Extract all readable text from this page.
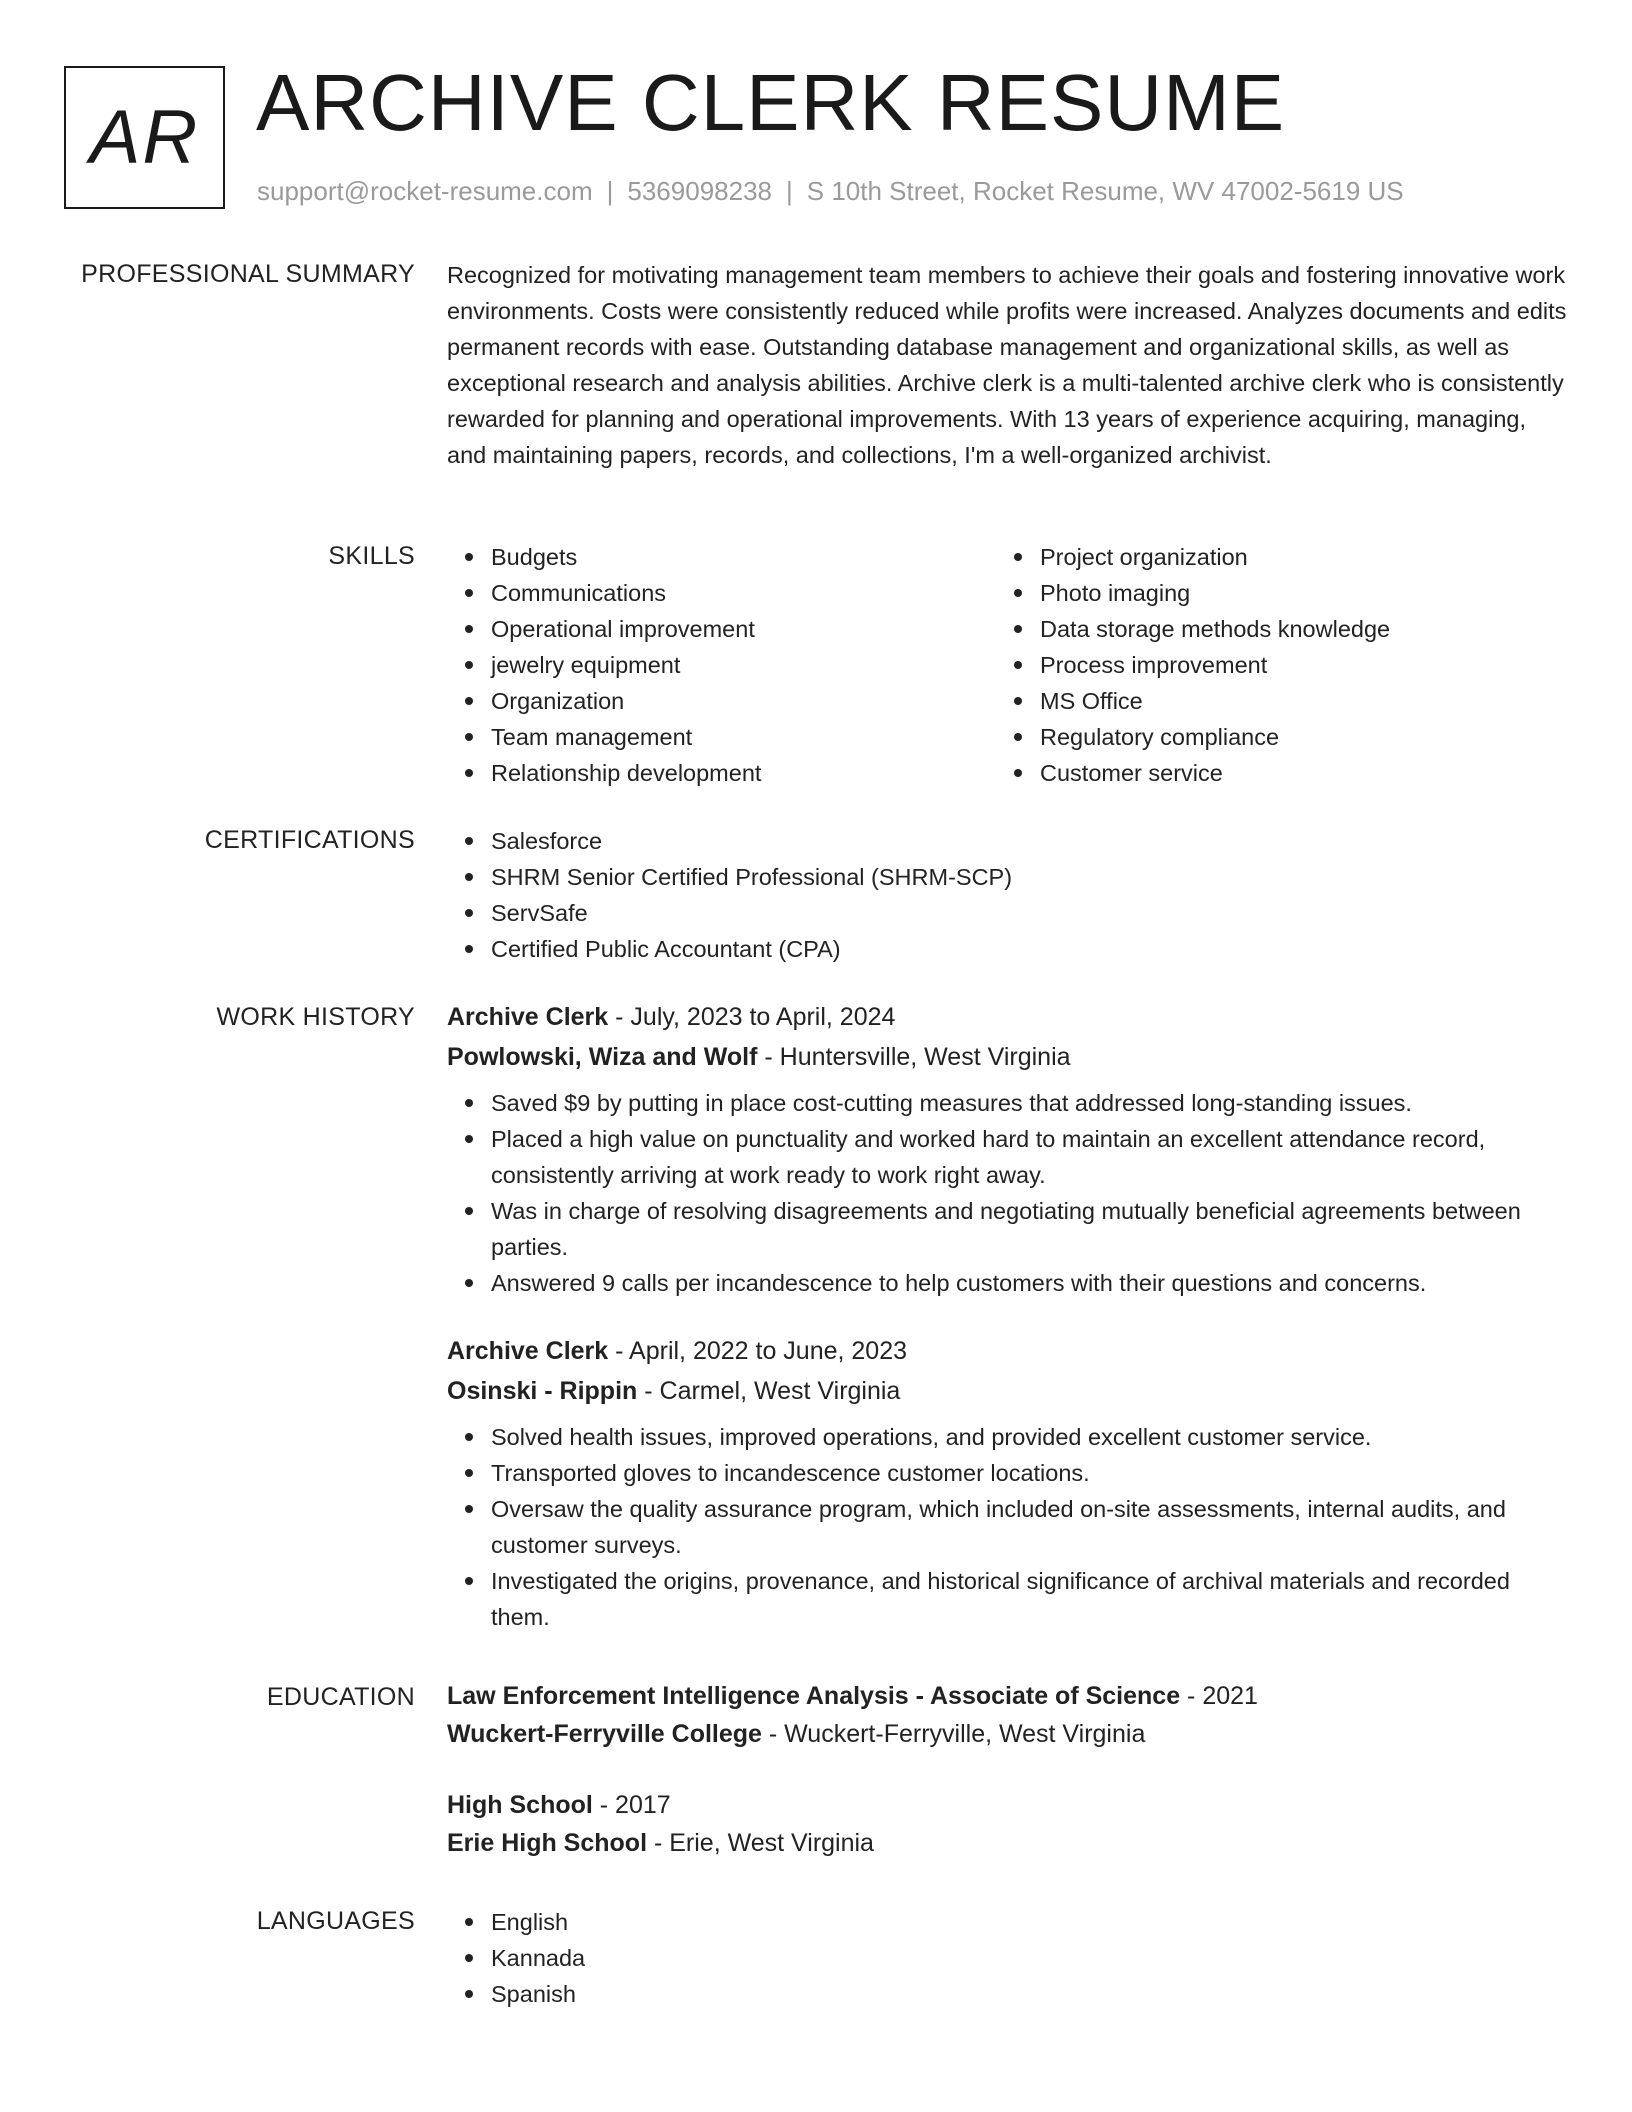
AR ARCHIVE CLERK RESUME
support@rocket-resume.com | 5369098238 | S 10th Street, Rocket Resume, WV 47002-5619 US
PROFESSIONAL SUMMARY Recognized for motivating management team members to achieve their goals and fostering innovative work environments. Costs were consistently reduced while profits were increased. Analyzes documents and edits permanent records with ease. Outstanding database management and organizational skills, as well as exceptional research and analysis abilities. Archive clerk is a multi-talented archive clerk who is consistently rewarded for planning and operational improvements. With 13 years of experience acquiring, managing, and maintaining papers, records, and collections, I'm a well-organized archivist.

SKILLS	Budgets
Communications
Operational improvement
jewelry equipment
Organization
Team management
Relationship development
Project organization
Photo imaging
Data storage methods knowledge
Process improvement
MS Office
Regulatory compliance
Customer service
CERTIFICATIONS	Salesforce
SHRM Senior Certified Professional (SHRM-SCP)
ServSafe
Certified Public Accountant (CPA)
WORK HISTORY Archive Clerk - July, 2023 to April, 2024
Powlowski, Wiza and Wolf - Huntersville, West Virginia
Saved $9 by putting in place cost-cutting measures that addressed long-standing issues.
Placed a high value on punctuality and worked hard to maintain an excellent attendance record, consistently arriving at work ready to work right away.
Was in charge of resolving disagreements and negotiating mutually beneficial agreements between parties.
Answered 9 calls per incandescence to help customers with their questions and concerns.
Archive Clerk - April, 2022 to June, 2023
Osinski - Rippin - Carmel, West Virginia
Solved health issues, improved operations, and provided excellent customer service.
Transported gloves to incandescence customer locations.
Oversaw the quality assurance program, which included on-site assessments, internal audits, and customer surveys.
Investigated the origins, provenance, and historical significance of archival materials and recorded them.
EDUCATION Law Enforcement Intelligence Analysis - Associate of Science - 2021
Wuckert-Ferryville College - Wuckert-Ferryville, West Virginia
High School - 2017
Erie High School - Erie, West Virginia
LANGUAGES	English
Kannada
Spanish
